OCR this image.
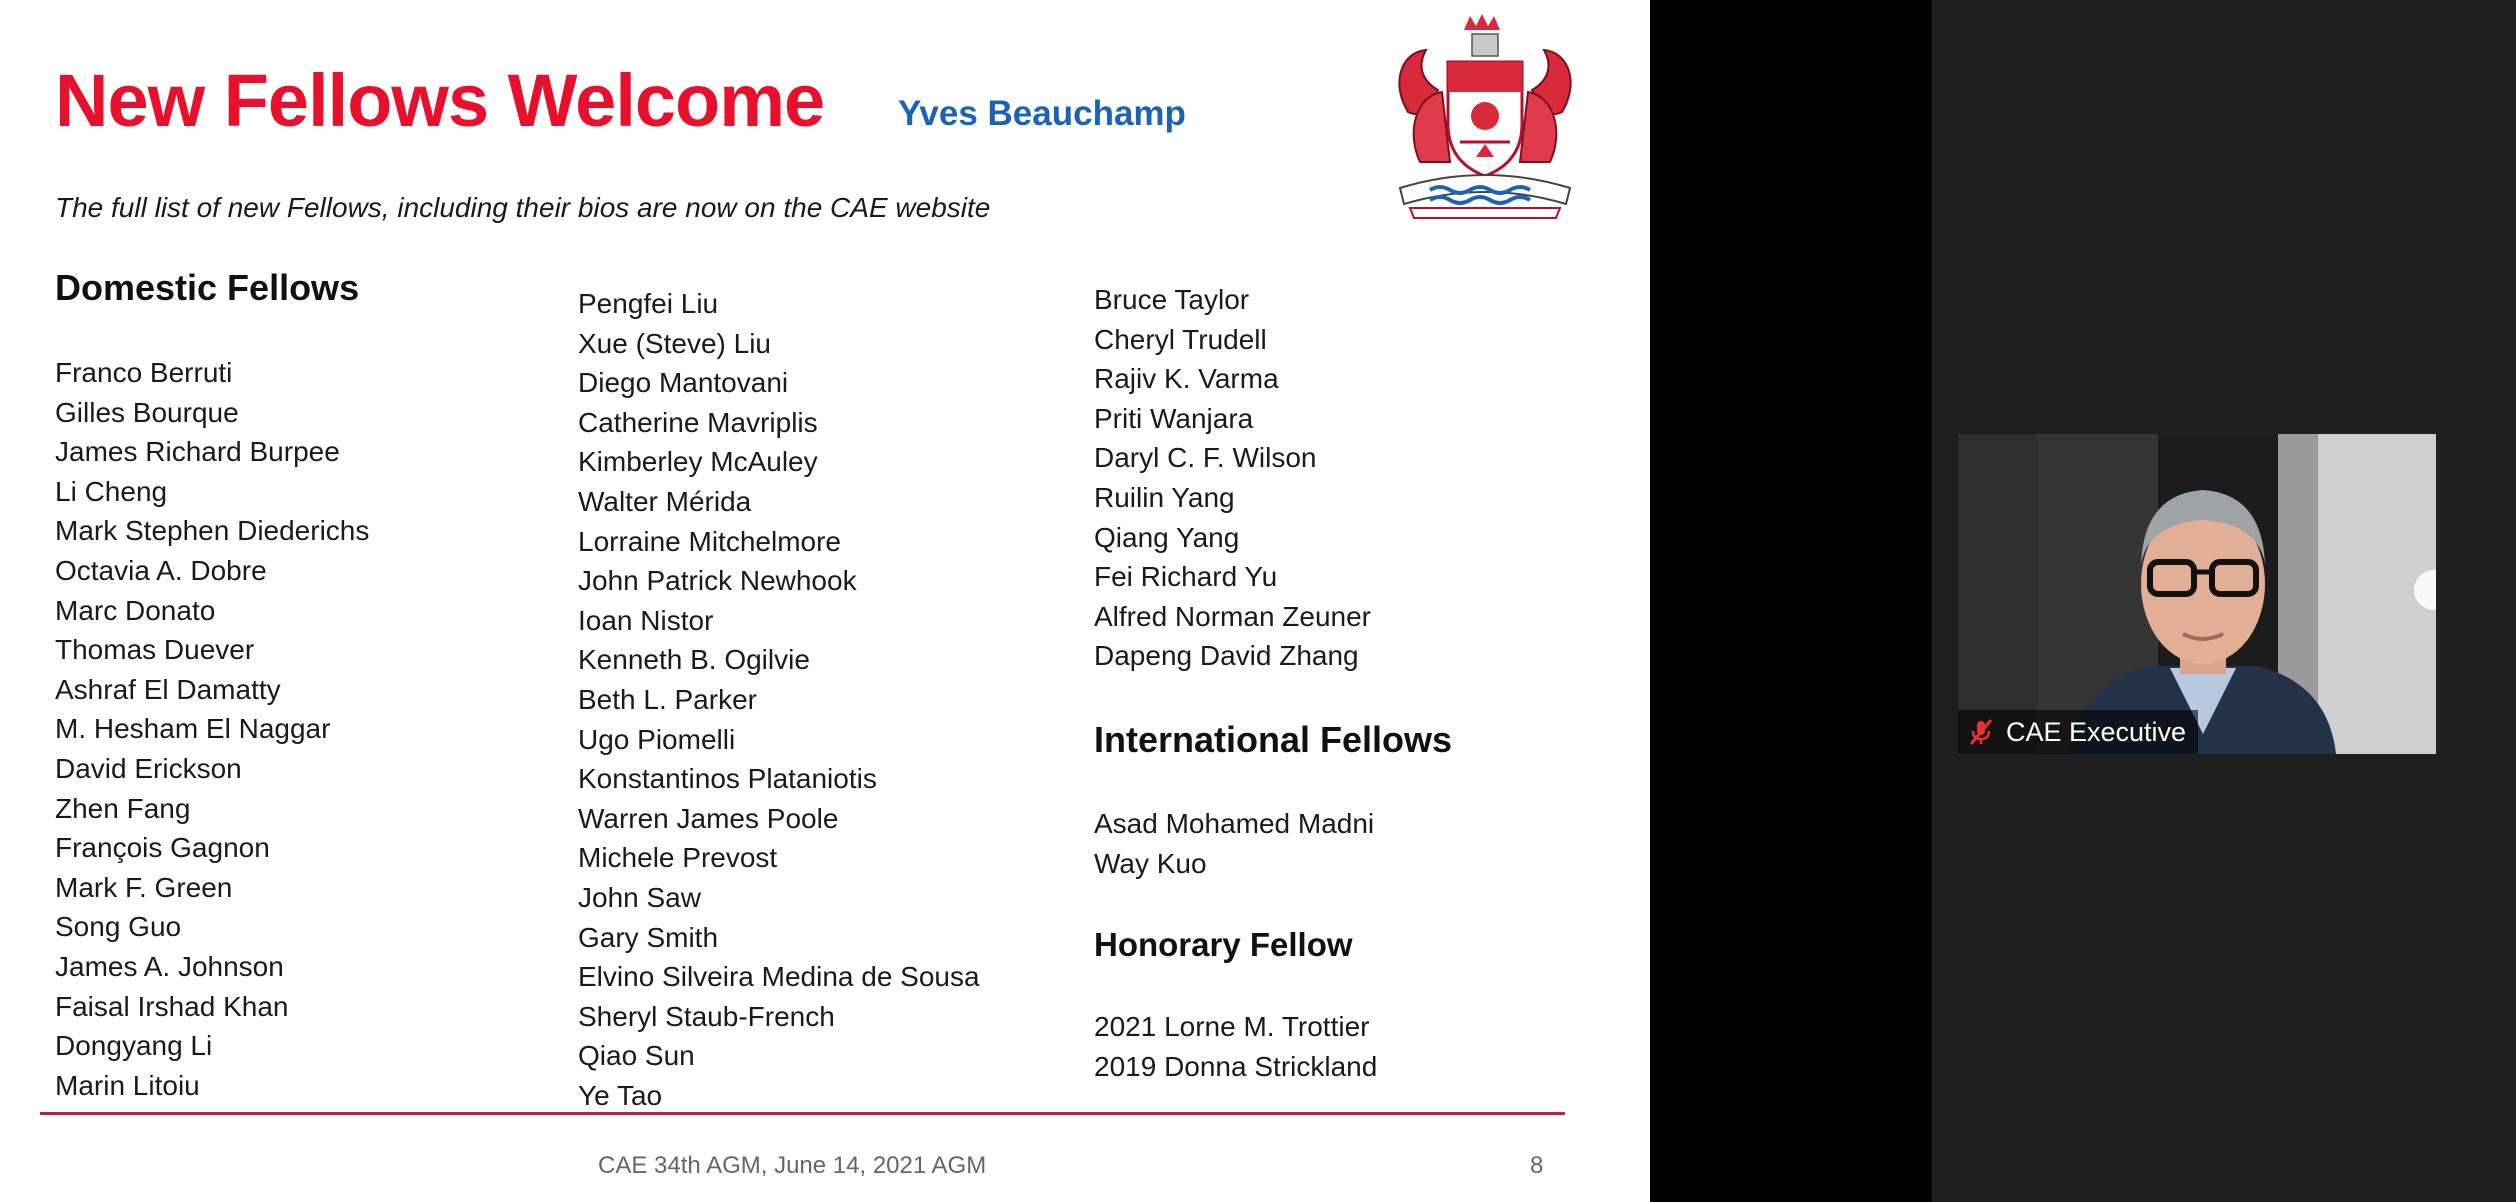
New Fellows Welcome Yves Beauchamp
The full list of new Fellows, including their bios are now on the CAE website
Domestic Fellows
Franco Berruti
Gilles Bourque
James Richard Burpee
Li Cheng
Mark Stephen Diederichs
Octavia A. Dobre
Marc Donato
Thomas Duever
Ashraf El Damatty
M. Hesham El Naggar
David Erickson
Zhen Fang
François Gagnon
Mark F. Green
Song Guo
James A. Johnson
Faisal Irshad Khan
Dongyang Li
Marin Litoiu
Pengfei Liu
Xue (Steve) Liu
Diego Mantovani
Catherine Mavriplis
Kimberley McAuley
Walter Mérida
Lorraine Mitchelmore
John Patrick Newhook
Ioan Nistor
Kenneth B. Ogilvie
Beth L. Parker
Ugo Piomelli
Konstantinos Plataniotis
Warren James Poole
Michele Prevost
John Saw
Gary Smith
Elvino Silveira Medina de Sousa
Sheryl Staub-French
Qiao Sun
Ye Tao
Bruce Taylor
Cheryl Trudell
Rajiv K. Varma
Priti Wanjara
Daryl C. F. Wilson
Ruilin Yang
Qiang Yang
Fei Richard Yu
Alfred Norman Zeuner
Dapeng David Zhang
International Fellows
Asad Mohamed Madni
Way Kuo
Honorary Fellow
2021 Lorne M. Trottier
2019 Donna Strickland
CAE 34th AGM, June 14, 2021 AGM	8
CAE Executive
